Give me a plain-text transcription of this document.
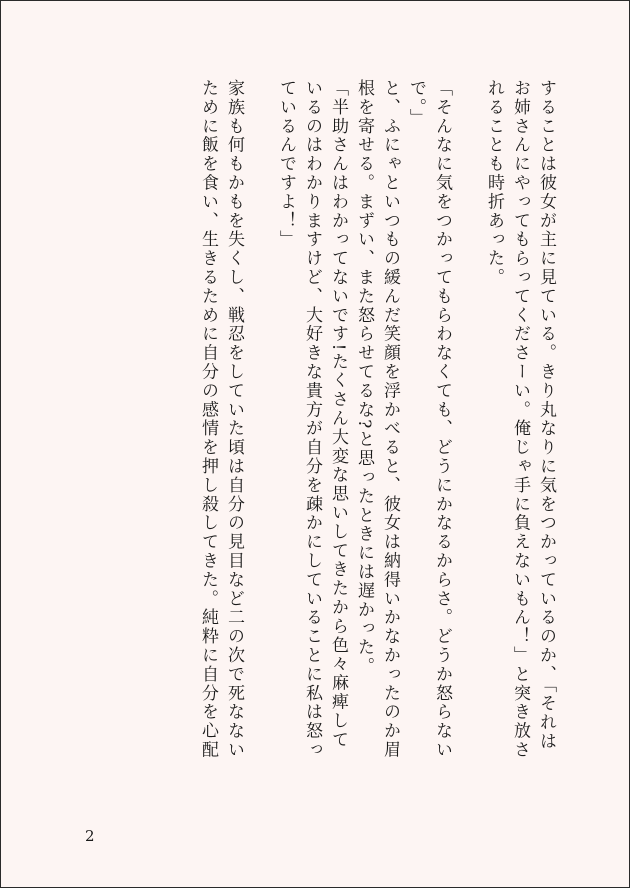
することは彼女が主に見ている。きり丸なりに気をつかっているのか、「それは
お姉さんにやってもらってくださーい。俺じゃ手に負えないもん！」と突き放さ
れることも時折あった。
「そんなに気をつかってもらわなくても、どうにかなるからさ。どうか怒らない
で。」
と、ふにゃといつもの緩んだ笑顔を浮かべると、彼女は納得いかなかったのか眉
根を寄せる。まずい、また怒らせてるな?と思ったときには遅かった。
「半助さんはわかってないです!たくさん大変な思いしてきたから色々麻痺して
いるのはわかりますけど、大好きな貴方が自分を疎かにしていることに私は怒っ
ているんですよ！」
家族も何もかもを失くし、戦忍をしていた頃は自分の見目など二の次で死なない
ために飯を食い、生きるために自分の感情を押し殺してきた。純粋に自分を心配
2
